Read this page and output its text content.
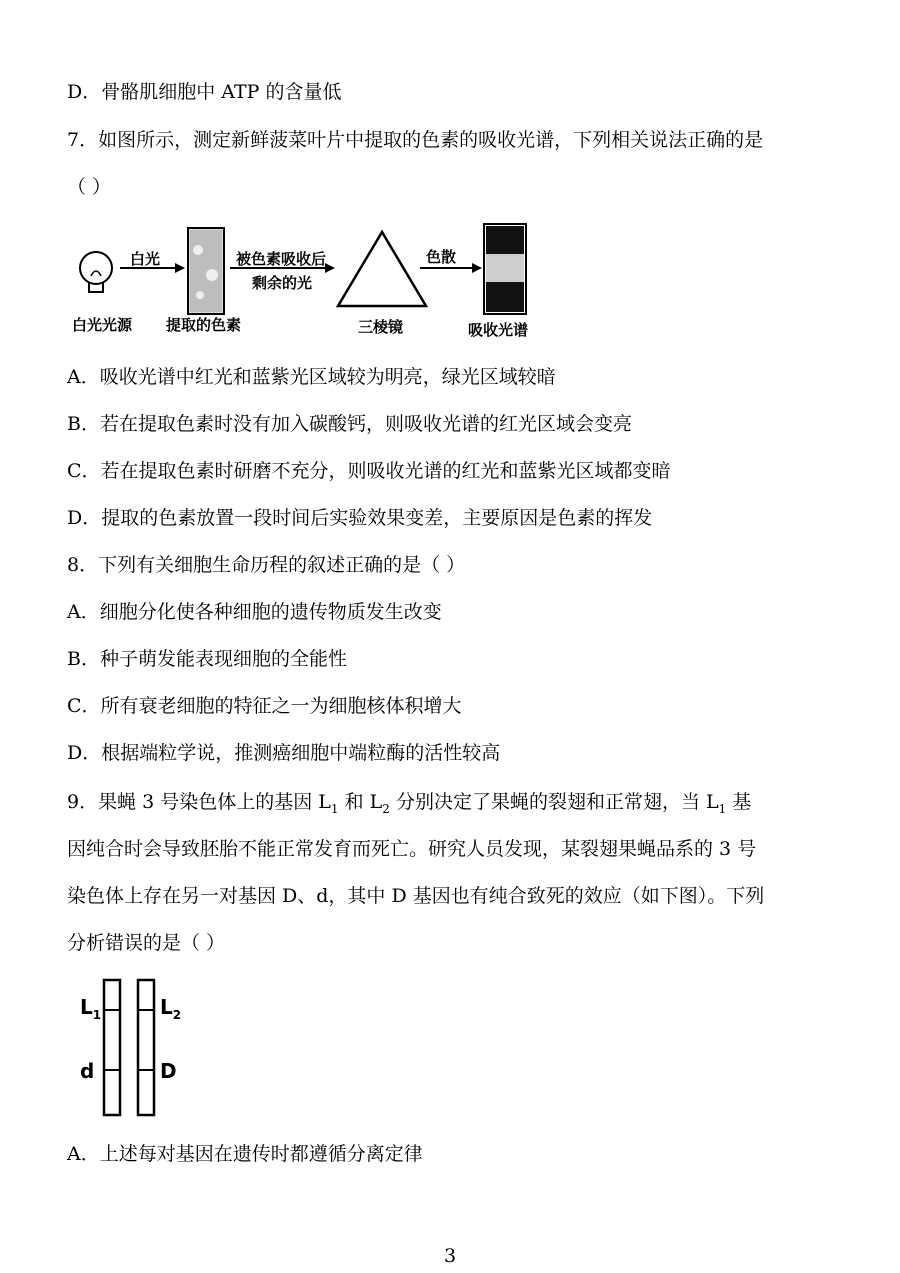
D．骨骼肌细胞中 ATP 的含量低
7．如图所示，测定新鲜菠菜叶片中提取的色素的吸收光谱，下列相关说法正确的是
（ ）
白光光源
白光
提取的色素
被色素吸收后
剩余的光
三棱镜
色散
吸收光谱
A．吸收光谱中红光和蓝紫光区域较为明亮，绿光区域较暗
B．若在提取色素时没有加入碳酸钙，则吸收光谱的红光区域会变亮
C．若在提取色素时研磨不充分，则吸收光谱的红光和蓝紫光区域都变暗
D．提取的色素放置一段时间后实验效果变差，主要原因是色素的挥发
8．下列有关细胞生命历程的叙述正确的是（ ）
A．细胞分化使各种细胞的遗传物质发生改变
B．种子萌发能表现细胞的全能性
C．所有衰老细胞的特征之一为细胞核体积增大
D．根据端粒学说，推测癌细胞中端粒酶的活性较高
9．果蝇 3 号染色体上的基因 $L_1$ 和 $L_2$ 分别决定了果蝇的裂翅和正常翅，当 $L_1$ 基
因纯合时会导致胚胎不能正常发育而死亡。研究人员发现，某裂翅果蝇品系的 3 号
染色体上存在另一对基因 D、d，其中 D 基因也有纯合致死的效应（如下图）。下列
分析错误的是（ ）
$L_1$	$L_2$
d	D
A．上述每对基因在遗传时都遵循分离定律
3
